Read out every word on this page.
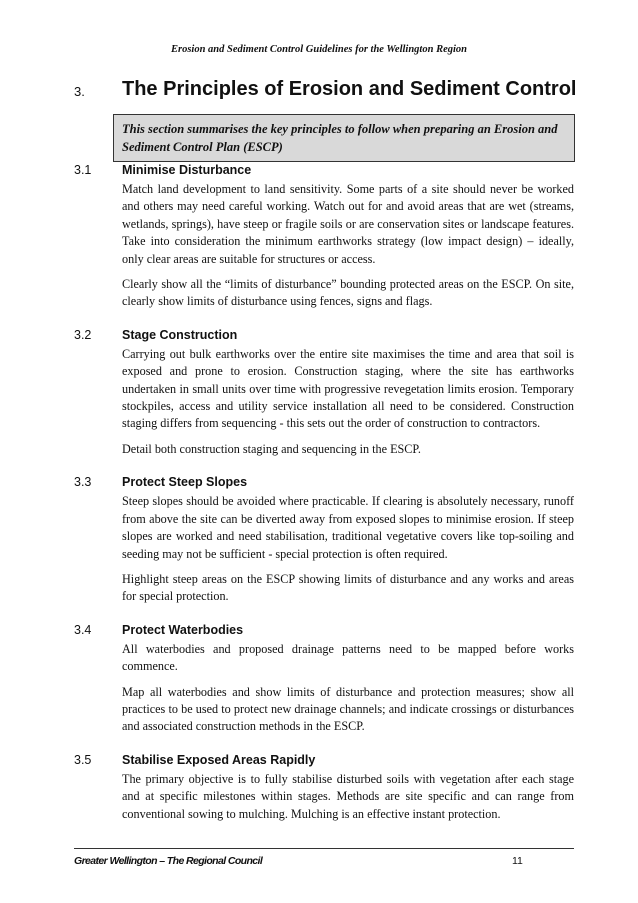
Erosion and Sediment Control Guidelines for the Wellington Region
3. The Principles of Erosion and Sediment Control
This section summarises the key principles to follow when preparing an Erosion and Sediment Control Plan (ESCP)
3.1 Minimise Disturbance

Match land development to land sensitivity. Some parts of a site should never be worked and others may need careful working. Watch out for and avoid areas that are wet (streams, wetlands, springs), have steep or fragile soils or are conservation sites or landscape features. Take into consideration the minimum earthworks strategy (low impact design) – ideally, only clear areas are suitable for structures or access.

Clearly show all the “limits of disturbance” bounding protected areas on the ESCP. On site, clearly show limits of disturbance using fences, signs and flags.

3.2 Stage Construction

Carrying out bulk earthworks over the entire site maximises the time and area that soil is exposed and prone to erosion. Construction staging, where the site has earthworks undertaken in small units over time with progressive revegetation limits erosion. Temporary stockpiles, access and utility service installation all need to be considered. Construction staging differs from sequencing - this sets out the order of construction to contractors.

Detail both construction staging and sequencing in the ESCP.

3.3 Protect Steep Slopes

Steep slopes should be avoided where practicable. If clearing is absolutely necessary, runoff from above the site can be diverted away from exposed slopes to minimise erosion. If steep slopes are worked and need stabilisation, traditional vegetative covers like top-soiling and seeding may not be sufficient - special protection is often required.

Highlight steep areas on the ESCP showing limits of disturbance and any works and areas for special protection.

3.4 Protect Waterbodies

All waterbodies and proposed drainage patterns need to be mapped before works commence.

Map all waterbodies and show limits of disturbance and protection measures; show all practices to be used to protect new drainage channels; and indicate crossings or disturbances and associated construction methods in the ESCP.

3.5 Stabilise Exposed Areas Rapidly

The primary objective is to fully stabilise disturbed soils with vegetation after each stage and at specific milestones within stages. Methods are site specific and can range from conventional sowing to mulching. Mulching is an effective instant protection.

Greater Wellington – The Regional Council	11
